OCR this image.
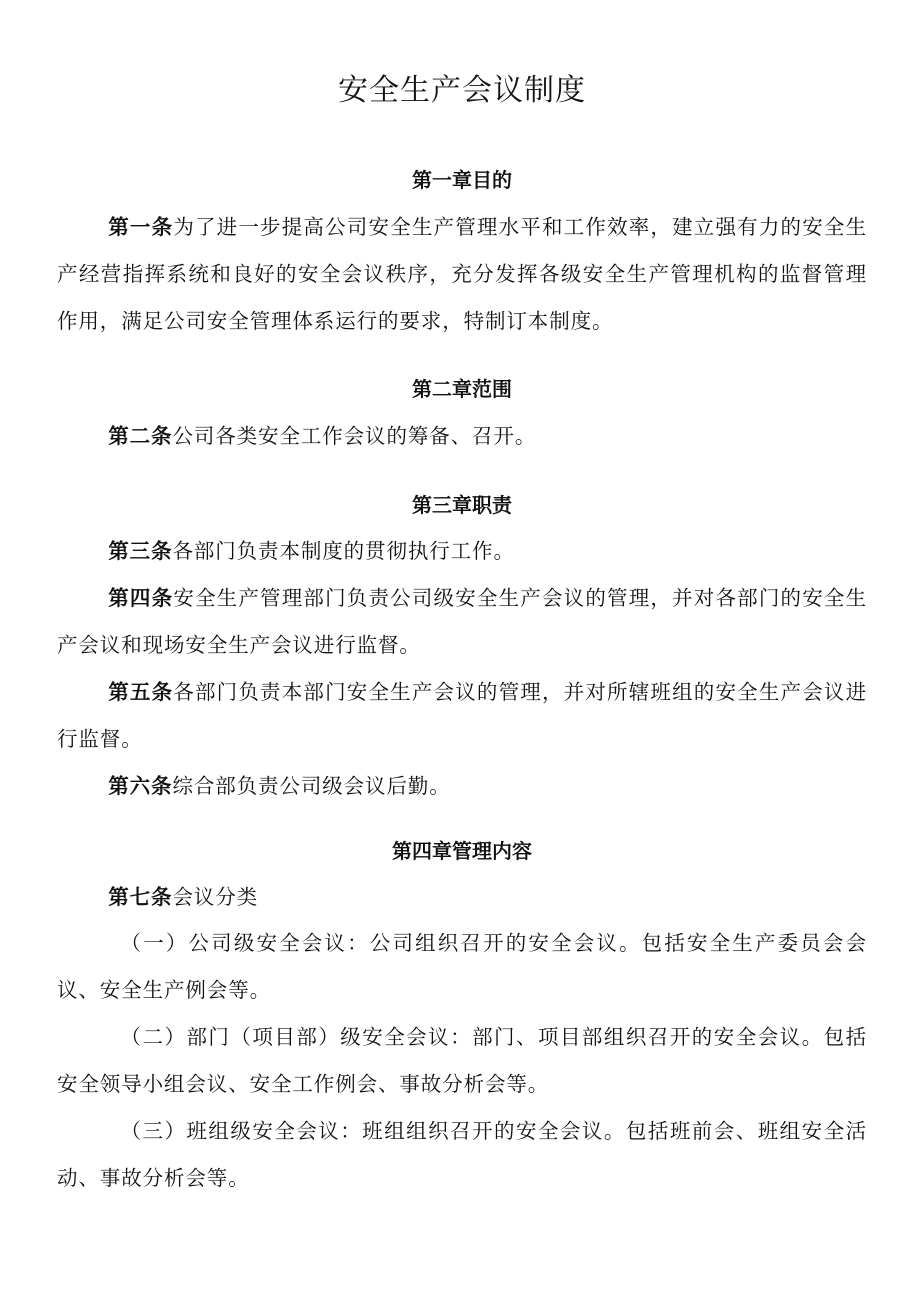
安全生产会议制度
第一章目的

第一条为了进一步提高公司安全生产管理水平和工作效率，建立强有力的安全生产经营指挥系统和良好的安全会议秩序，充分发挥各级安全生产管理机构的监督管理作用，满足公司安全管理体系运行的要求，特制订本制度。

第二章范围

第二条公司各类安全工作会议的筹备、召开。

第三章职责

第三条各部门负责本制度的贯彻执行工作。

第四条安全生产管理部门负责公司级安全生产会议的管理，并对各部门的安全生产会议和现场安全生产会议进行监督。

第五条各部门负责本部门安全生产会议的管理，并对所辖班组的安全生产会议进行监督。

第六条综合部负责公司级会议后勤。

第四章管理内容

第七条会议分类

（一）公司级安全会议：公司组织召开的安全会议。包括安全生产委员会会议、安全生产例会等。

（二）部门（项目部）级安全会议：部门、项目部组织召开的安全会议。包括安全领导小组会议、安全工作例会、事故分析会等。

（三）班组级安全会议：班组组织召开的安全会议。包括班前会、班组安全活动、事故分析会等。
